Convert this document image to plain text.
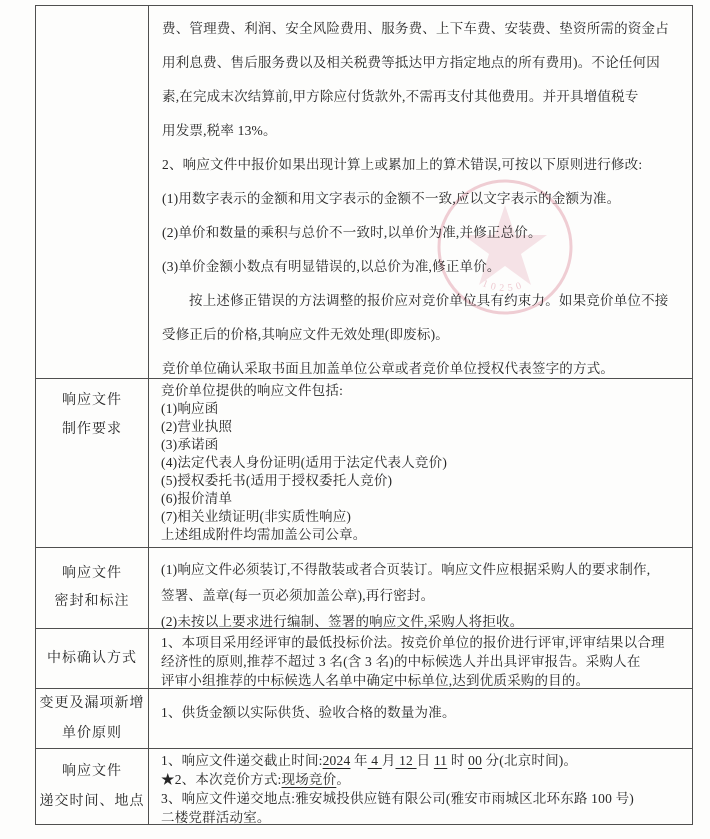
费、管理费、利润、安全风险费用、服务费、上下车费、安装费、垫资所需的资金占
用利息费、售后服务费以及相关税费等抵达甲方指定地点的所有费用)。不论任何因
素,在完成末次结算前,甲方除应付货款外,不需再支付其他费用。并开具增值税专
用发票,税率 13%。
2、响应文件中报价如果出现计算上或累加上的算术错误,可按以下原则进行修改:
(1)用数字表示的金额和用文字表示的金额不一致,应以文字表示的金额为准。
(2)单价和数量的乘积与总价不一致时,以单价为准,并修正总价。
(3)单价金额小数点有明显错误的,以总价为准,修正单价。
按上述修正错误的方法调整的报价应对竞价单位具有约束力。如果竞价单位不接
受修正后的价格,其响应文件无效处理(即废标)。
竞价单位确认采取书面且加盖单位公章或者竞价单位授权代表签字的方式。
响应文件
制作要求
竞价单位提供的响应文件包括:
(1)响应函
(2)营业执照
(3)承诺函
(4)法定代表人身份证明(适用于法定代表人竞价)
(5)授权委托书(适用于授权委托人竞价)
(6)报价清单
(7)相关业绩证明(非实质性响应)
上述组成附件均需加盖公司公章。
响应文件
密封和标注
(1)响应文件必须装订,不得散装或者合页装订。响应文件应根据采购人的要求制作,
签署、盖章(每一页必须加盖公章),再行密封。
(2)未按以上要求进行编制、签署的响应文件,采购人将拒收。
中标确认方式
1、本项目采用经评审的最低投标价法。按竞价单位的报价进行评审,评审结果以合理
经济性的原则,推荐不超过 3 名(含 3 名)的中标候选人并出具评审报告。采购人在
评审小组推荐的中标候选人名单中确定中标单位,达到优质采购的目的。
变更及漏项新增
单价原则
1、供货金额以实际供货、验收合格的数量为准。
响应文件
递交时间、地点
1、响应文件递交截止时间:2024 年 4 月 12 日 11 时 00 分(北京时间)。
★2、本次竞价方式:现场竞价。
3、响应文件递交地点:雅安城投供应链有限公司(雅安市雨城区北环东路 100 号)
二楼党群活动室。
10250
